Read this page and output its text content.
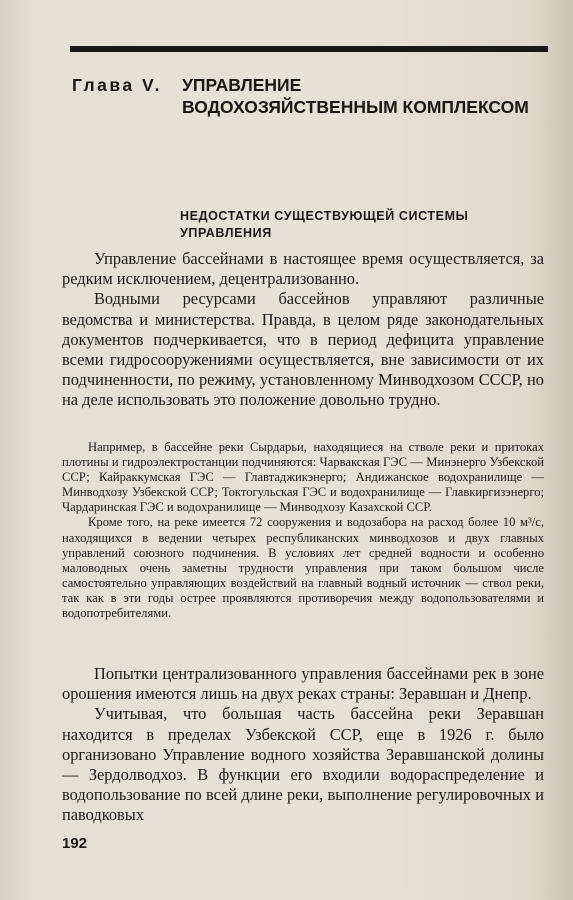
Глава V. УПРАВЛЕНИЕ
ВОДОХОЗЯЙСТВЕННЫМ КОМПЛЕКСОМ
НЕДОСТАТКИ СУЩЕСТВУЮЩЕЙ СИСТЕМЫ
УПРАВЛЕНИЯ

Управление бассейнами в настоящее время осуществляется, за редким исключением, децентрализованно.

Водными ресурсами бассейнов управляют различные ведомства и министерства. Правда, в целом ряде законодательных документов подчеркивается, что в период дефицита управление всеми гидросооружениями осуществляется, вне зависимости от их подчиненности, по режиму, установленному Минводхозом СССР, но на деле использовать это положение довольно трудно.

Например, в бассейне реки Сырдарьи, находящиеся на стволе реки и притоках плотины и гидроэлектростанции подчиняются: Чарвакская ГЭС — Минэнерго Узбекской ССР; Кайраккумская ГЭС — Главтаджикэнерго; Андижанское водохранилище — Минводхозу Узбекской ССР; Токтогульская ГЭС и водохранилище — Главкиргизэнерго; Чардаринская ГЭС и водохранилище — Минводхозу Казахской ССР.

Кроме того, на реке имеется 72 сооружения и водозабора на расход более 10 м³/с, находящихся в ведении четырех республиканских минводхозов и двух главных управлений союзного подчинения. В условиях лет средней водности и особенно маловодных очень заметны трудности управления при таком большом числе самостоятельно управляющих воздействий на главный водный источник — ствол реки, так как в эти годы острее проявляются противоречия между водопользователями и водопотребителями.

Попытки централизованного управления бассейнами рек в зоне орошения имеются лишь на двух реках страны: Зеравшан и Днепр.

Учитывая, что большая часть бассейна реки Зеравшан находится в пределах Узбекской ССР, еще в 1926 г. было организовано Управление водного хозяйства Зеравшанской долины — Зердолводхоз. В функции его входили водораспределение и водопользование по всей длине реки, выполнение регулировочных и паводковых

192
